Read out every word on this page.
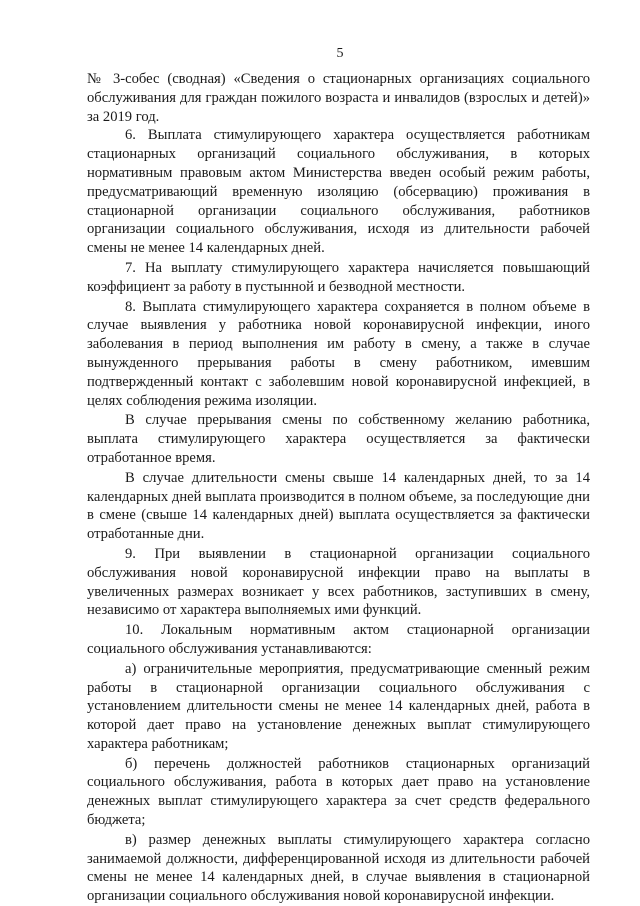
5

№ 3-собес (сводная) «Сведения о стационарных организациях социального обслуживания для граждан пожилого возраста и инвалидов (взрослых и детей)» за 2019 год.

6. Выплата стимулирующего характера осуществляется работникам стационарных организаций социального обслуживания, в которых нормативным правовым актом Министерства введен особый режим работы, предусматривающий временную изоляцию (обсервацию) проживания в стационарной организации социального обслуживания, работников организации социального обслуживания, исходя из длительности рабочей смены не менее 14 календарных дней.

7. На выплату стимулирующего характера начисляется повышающий коэффициент за работу в пустынной и безводной местности.

8. Выплата стимулирующего характера сохраняется в полном объеме в случае выявления у работника новой коронавирусной инфекции, иного заболевания в период выполнения им работу в смену, а также в случае вынужденного прерывания работы в смену работником, имевшим подтвержденный контакт с заболевшим новой коронавирусной инфекцией, в целях соблюдения режима изоляции.

В случае прерывания смены по собственному желанию работника, выплата стимулирующего характера осуществляется за фактически отработанное время.

В случае длительности смены свыше 14 календарных дней, то за 14 календарных дней выплата производится в полном объеме, за последующие дни в смене (свыше 14 календарных дней) выплата осуществляется за фактически отработанные дни.

9. При выявлении в стационарной организации социального обслуживания новой коронавирусной инфекции право на выплаты в увеличенных размерах возникает у всех работников, заступивших в смену, независимо от характера выполняемых ими функций.

10. Локальным нормативным актом стационарной организации социального обслуживания устанавливаются:

а) ограничительные мероприятия, предусматривающие сменный режим работы в стационарной организации социального обслуживания с установлением длительности смены не менее 14 календарных дней, работа в которой дает право на установление денежных выплат стимулирующего характера работникам;

б) перечень должностей работников стационарных организаций социального обслуживания, работа в которых дает право на установление денежных выплат стимулирующего характера за счет средств федерального бюджета;

в) размер денежных выплаты стимулирующего характера согласно занимаемой должности, дифференцированной исходя из длительности рабочей смены не менее 14 календарных дней, в случае выявления в стационарной организации социального обслуживания новой коронавирусной инфекции.
